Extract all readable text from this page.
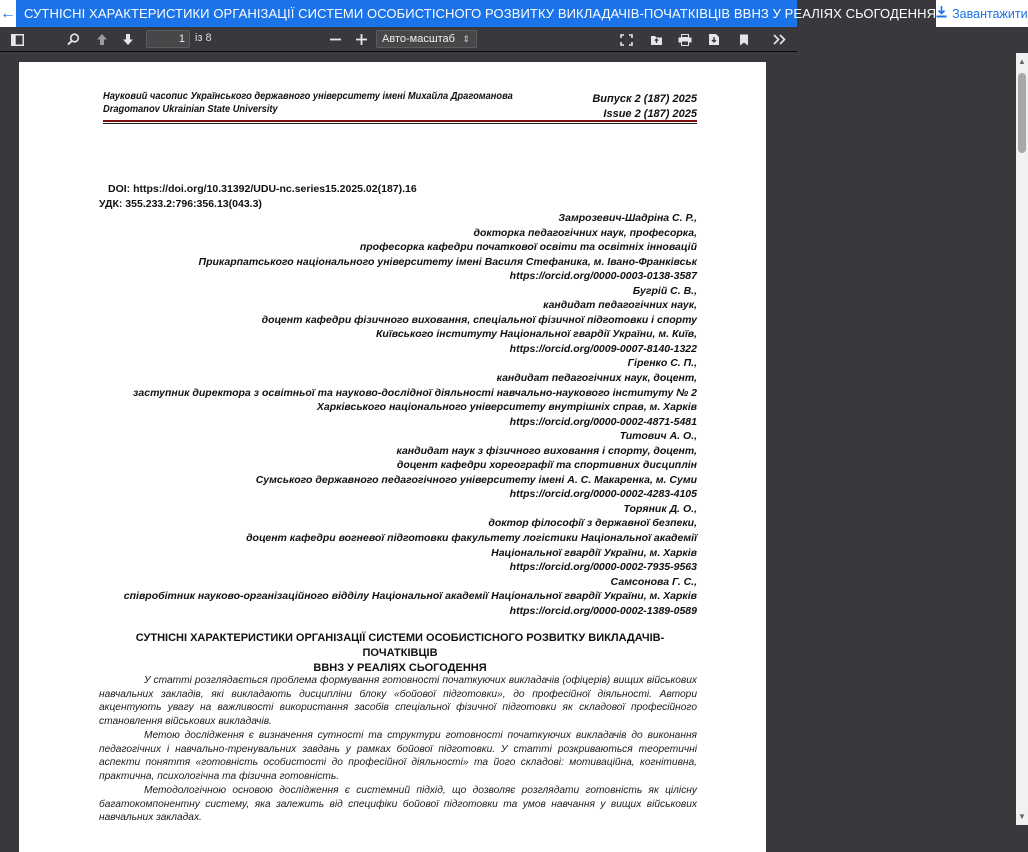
← СУТНІСНІ ХАРАКТЕРИСТИКИ ОРГАНІЗАЦІЇ СИСТЕМИ ОСОБИСТІСНОГО РОЗВИТКУ ВИКЛАДАЧІВ-ПОЧАТКІВЦІВ ВВНЗ У РЕАЛІЯХ СЬОГОДЕННЯ Завантажити
1 із 8	Авто-масштаб ⇕
Науковий часопис Українського державного університету імені Михайла Драгоманова
Dragomanov Ukrainian State University
Випуск 2 (187) 2025
Issue 2 (187) 2025
DOI: https://doi.org/10.31392/UDU-nc.series15.2025.02(187).16
УДК: 355.233.2:796:356.13(043.3)
Замрозевич-Шадріна С. Р.,
докторка педагогічних наук, професорка,
професорка кафедри початкової освіти та освітніх інновацій
Прикарпатського національного університету імені Василя Стефаника, м. Івано-Франківськ
https://orcid.org/0000-0003-0138-3587
Бугрій С. В.,
кандидат педагогічних наук,
доцент кафедри фізичного виховання, спеціальної фізичної підготовки і спорту
Київського інституту Національної гвардії України, м. Київ,
https://orcid.org/0009-0007-8140-1322
Гіренко С. П.,
кандидат педагогічних наук, доцент,
заступник директора з освітньої та науково-дослідної діяльності навчально-наукового інституту № 2
Харківського національного університету внутрішніх справ, м. Харків
https://orcid.org/0000-0002-4871-5481
Титович А. О.,
кандидат наук з фізичного виховання і спорту, доцент,
доцент кафедри хореографії та спортивних дисциплін
Сумського державного педагогічного університету імені А. С. Макаренка, м. Суми
https://orcid.org/0000-0002-4283-4105
Торяник Д. О.,
доктор філософії з державної безпеки,
доцент кафедри вогневої підготовки факультету логістики Національної академії
Національної гвардії України, м. Харків
https://orcid.org/0000-0002-7935-9563
Самсонова Г. С.,
співробітник науково-організаційного відділу Національної академії Національної гвардії України, м. Харків
https://orcid.org/0000-0002-1389-0589
СУТНІСНІ ХАРАКТЕРИСТИКИ ОРГАНІЗАЦІЇ СИСТЕМИ ОСОБИСТІСНОГО РОЗВИТКУ ВИКЛАДАЧІВ-ПОЧАТКІВЦІВ
ВВНЗ У РЕАЛІЯХ СЬОГОДЕННЯ

У статті розглядається проблема формування готовності початкуючих викладачів (офіцерів) вищих військових навчальних закладів, які викладають дисципліни блоку «бойової підготовки», до професійної діяльності. Автори акцентують увагу на важливості використання засобів спеціальної фізичної підготовки як складової професійного становлення військових викладачів.

Метою дослідження є визначення сутності та структури готовності початкуючих викладачів до виконання педагогічних і навчально-тренувальних завдань у рамках бойової підготовки. У статті розкриваються теоретичні аспекти поняття «готовність особистості до професійної діяльності» та його складові: мотиваційна, когнітивна, практична, психологічна та фізична готовність.

Методологічною основою дослідження є системний підхід, що дозволяє розглядати готовність як цілісну багатокомпонентну систему, яка залежить від специфіки бойової підготовки та умов навчання у вищих військових навчальних закладах.

▲
▼
